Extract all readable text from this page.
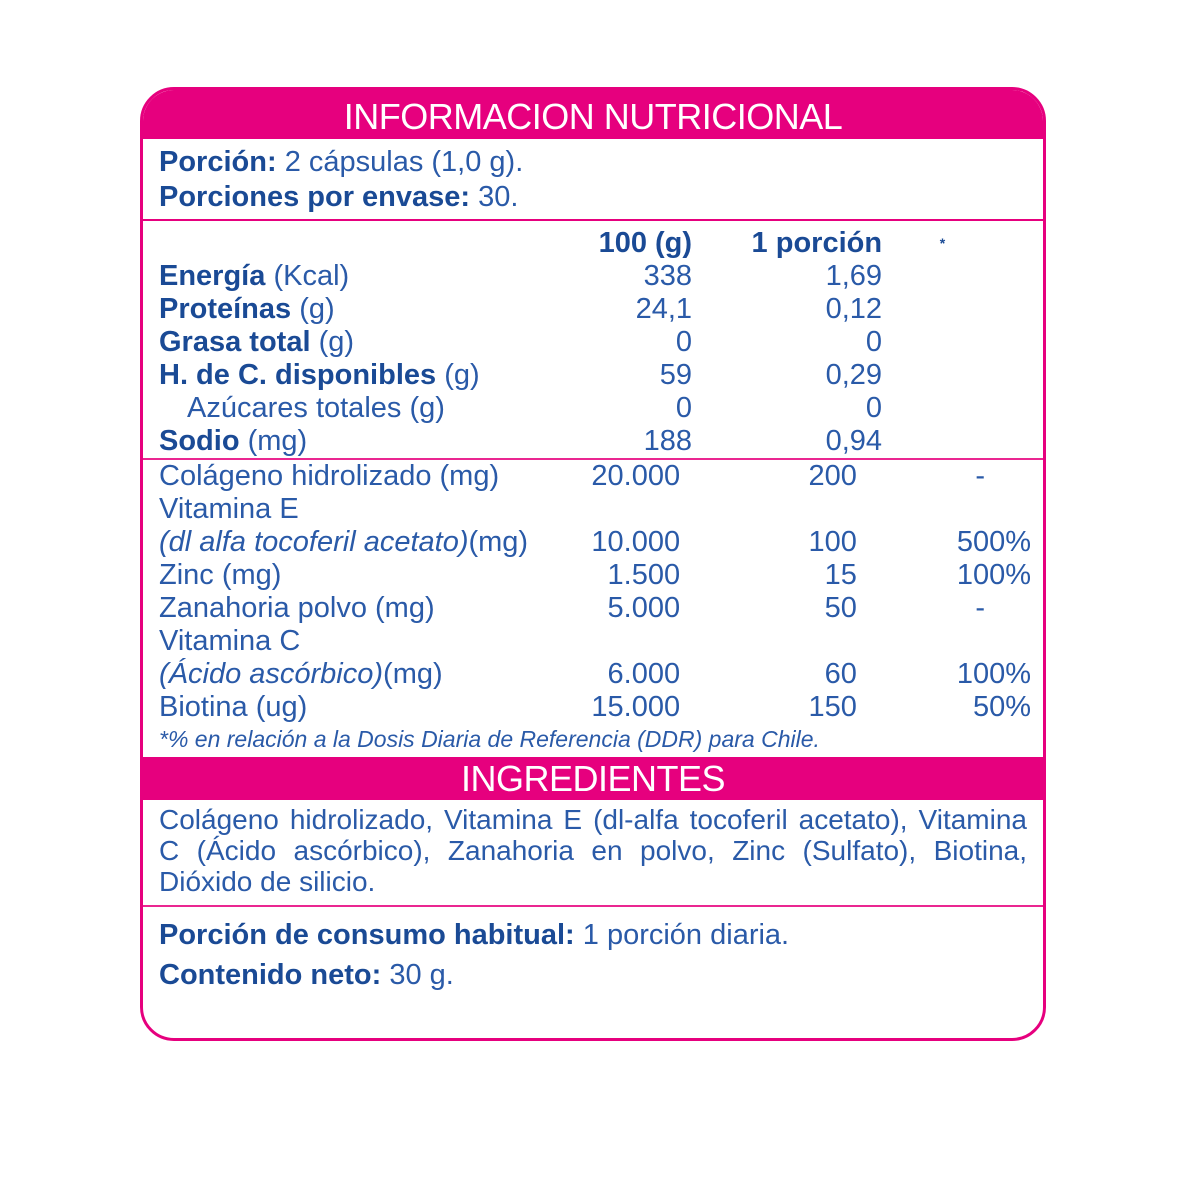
INFORMACION NUTRICIONAL
Porción: 2 cápsulas (1,0 g).
Porciones por envase: 30.
	100 (g)	1 porción	*
Energía (Kcal)	338	1,69	
Proteínas (g)	24,1	0,12	
Grasa total (g)	0	0	
H. de C. disponibles (g)	59	0,29	
Azúcares totales (g)	0	0	
Sodio (mg)	188	0,94	
Colágeno hidrolizado (mg)	20.000	200	-
Vitamina E			
(dl alfa tocoferil acetato)(mg)	10.000	100	500%
Zinc (mg)	1.500	15	100%
Zanahoria polvo (mg)	5.000	50	-
Vitamina C			
(Ácido ascórbico)(mg)	6.000	60	100%
Biotina (ug)	15.000	150	50%
*% en relación a la Dosis Diaria de Referencia (DDR) para Chile.
INGREDIENTES
Colágeno hidrolizado, Vitamina E (dl-alfa tocoferil acetato), Vitamina C (Ácido ascórbico), Zanahoria en polvo, Zinc (Sulfato), Biotina, Dióxido de silicio.
Porción de consumo habitual: 1 porción diaria.
Contenido neto: 30 g.
